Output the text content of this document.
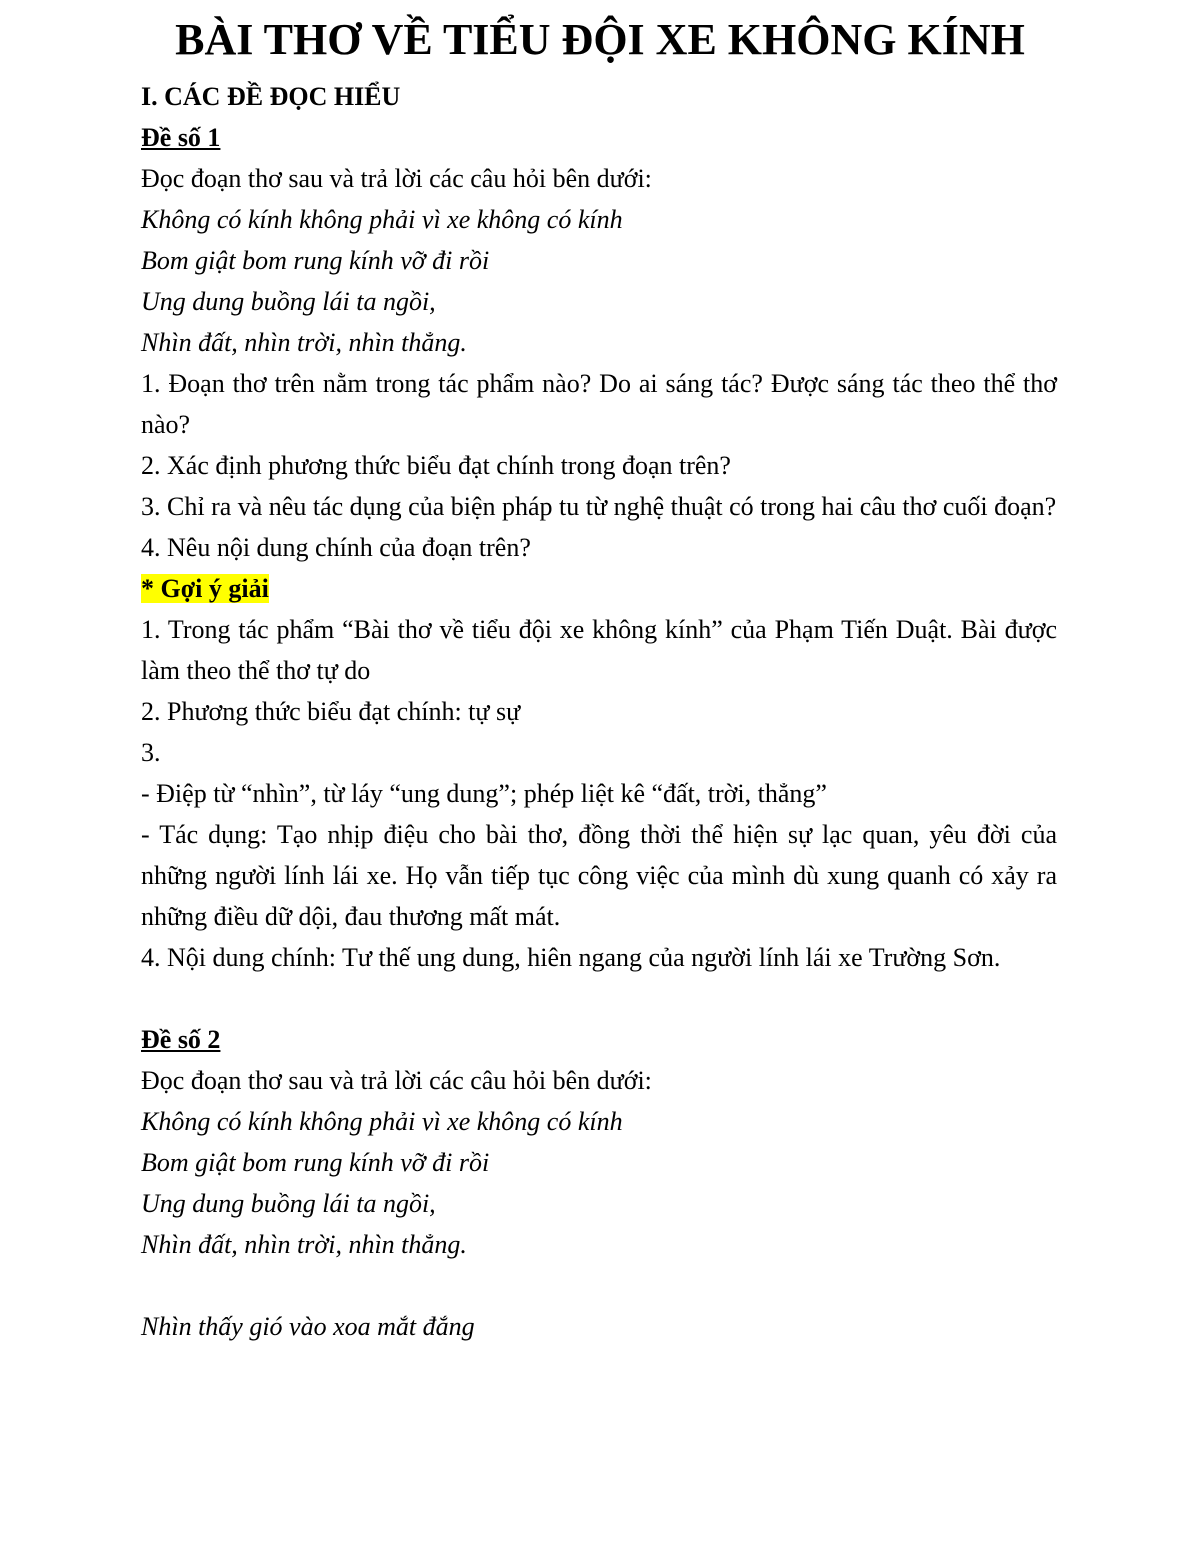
BÀI THƠ VỀ TIỂU ĐỘI XE KHÔNG KÍNH

I. CÁC ĐỀ ĐỌC HIỂU

Đề số 1

Đọc đoạn thơ sau và trả lời các câu hỏi bên dưới:

Không có kính không phải vì xe không có kính

Bom giật bom rung kính vỡ đi rồi

Ung dung buồng lái ta ngồi,

Nhìn đất, nhìn trời, nhìn thẳng.

1. Đoạn thơ trên nằm trong tác phẩm nào? Do ai sáng tác? Được sáng tác theo thể thơ nào?

2. Xác định phương thức biểu đạt chính trong đoạn trên?

3. Chỉ ra và nêu tác dụng của biện pháp tu từ nghệ thuật có trong hai câu thơ cuối đoạn?

4. Nêu nội dung chính của đoạn trên?

* Gợi ý giải

1. Trong tác phẩm “Bài thơ về tiểu đội xe không kính” của Phạm Tiến Duật. Bài được làm theo thể thơ tự do

2. Phương thức biểu đạt chính: tự sự

3.

- Điệp từ “nhìn”, từ láy “ung dung”; phép liệt kê “đất, trời, thẳng”

- Tác dụng: Tạo nhịp điệu cho bài thơ, đồng thời thể hiện sự lạc quan, yêu đời của những người lính lái xe. Họ vẫn tiếp tục công việc của mình dù xung quanh có xảy ra những điều dữ dội, đau thương mất mát.

4. Nội dung chính: Tư thế ung dung, hiên ngang của người lính lái xe Trường Sơn.

Đề số 2

Đọc đoạn thơ sau và trả lời các câu hỏi bên dưới:

Không có kính không phải vì xe không có kính

Bom giật bom rung kính vỡ đi rồi

Ung dung buồng lái ta ngồi,

Nhìn đất, nhìn trời, nhìn thẳng.

Nhìn thấy gió vào xoa mắt đắng
